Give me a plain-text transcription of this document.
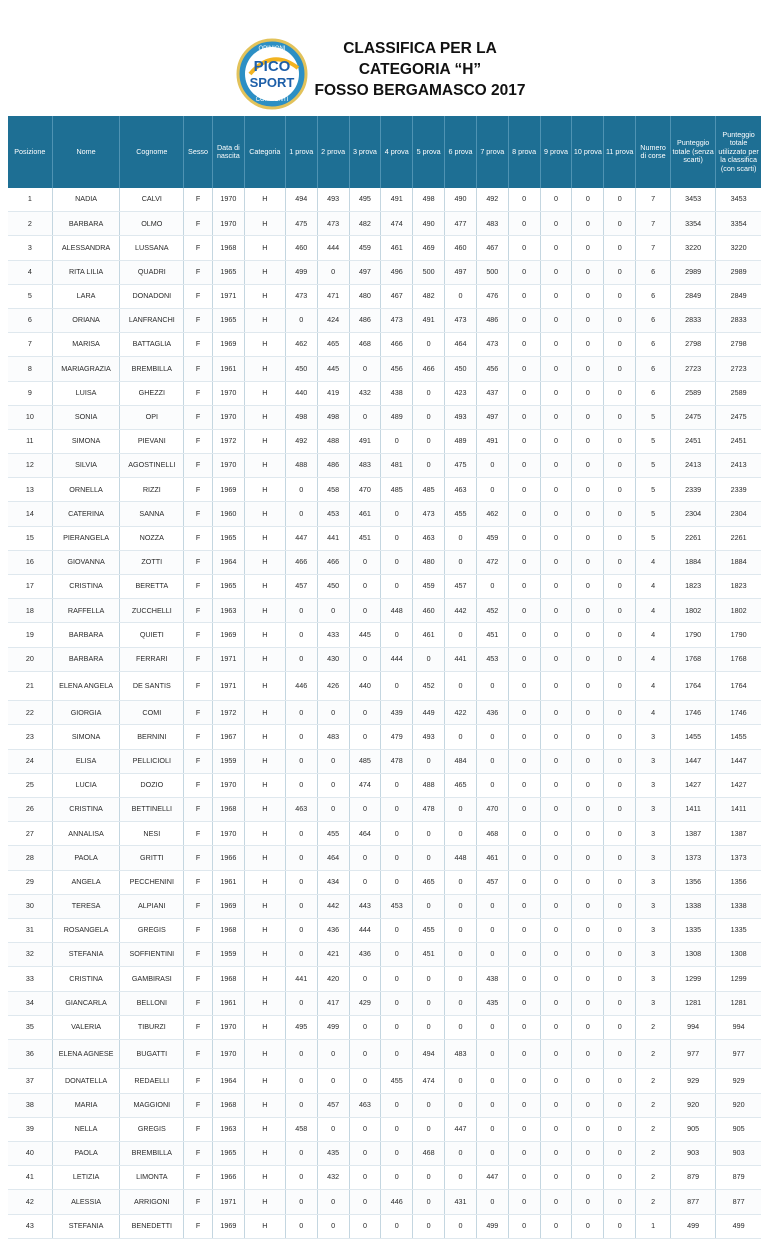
OPINIONI
PICO
SPORT
COMMENTI
CLASSIFICA PER LA
CATEGORIA “H”
FOSSO BERGAMASCO 2017
Posizione	Nome	Cognome	Sesso	Data di nascita	Categoria	1 prova	2 prova	3 prova	4 prova	5 prova	6 prova	7 prova	8 prova	9 prova	10 prova	11 prova	Numero di corse	Punteggio totale (senza scarti)	Punteggio totale utilizzato per la classifica (con scarti)
1	NADIA	CALVI	F	1970	H	494	493	495	491	498	490	492	0	0	0	0	7	3453	3453
2	BARBARA	OLMO	F	1970	H	475	473	482	474	490	477	483	0	0	0	0	7	3354	3354
3	ALESSANDRA	LUSSANA	F	1968	H	460	444	459	461	469	460	467	0	0	0	0	7	3220	3220
4	RITA LILIA	QUADRI	F	1965	H	499	0	497	496	500	497	500	0	0	0	0	6	2989	2989
5	LARA	DONADONI	F	1971	H	473	471	480	467	482	0	476	0	0	0	0	6	2849	2849
6	ORIANA	LANFRANCHI	F	1965	H	0	424	486	473	491	473	486	0	0	0	0	6	2833	2833
7	MARISA	BATTAGLIA	F	1969	H	462	465	468	466	0	464	473	0	0	0	0	6	2798	2798
8	MARIAGRAZIA	BREMBILLA	F	1961	H	450	445	0	456	466	450	456	0	0	0	0	6	2723	2723
9	LUISA	GHEZZI	F	1970	H	440	419	432	438	0	423	437	0	0	0	0	6	2589	2589
10	SONIA	OPI	F	1970	H	498	498	0	489	0	493	497	0	0	0	0	5	2475	2475
11	SIMONA	PIEVANI	F	1972	H	492	488	491	0	0	489	491	0	0	0	0	5	2451	2451
12	SILVIA	AGOSTINELLI	F	1970	H	488	486	483	481	0	475	0	0	0	0	0	5	2413	2413
13	ORNELLA	RIZZI	F	1969	H	0	458	470	485	485	463	0	0	0	0	0	5	2339	2339
14	CATERINA	SANNA	F	1960	H	0	453	461	0	473	455	462	0	0	0	0	5	2304	2304
15	PIERANGELA	NOZZA	F	1965	H	447	441	451	0	463	0	459	0	0	0	0	5	2261	2261
16	GIOVANNA	ZOTTI	F	1964	H	466	466	0	0	480	0	472	0	0	0	0	4	1884	1884
17	CRISTINA	BERETTA	F	1965	H	457	450	0	0	459	457	0	0	0	0	0	4	1823	1823
18	RAFFELLA	ZUCCHELLI	F	1963	H	0	0	0	448	460	442	452	0	0	0	0	4	1802	1802
19	BARBARA	QUIETI	F	1969	H	0	433	445	0	461	0	451	0	0	0	0	4	1790	1790
20	BARBARA	FERRARI	F	1971	H	0	430	0	444	0	441	453	0	0	0	0	4	1768	1768
21	ELENA ANGELA	DE SANTIS	F	1971	H	446	426	440	0	452	0	0	0	0	0	0	4	1764	1764
22	GIORGIA	COMI	F	1972	H	0	0	0	439	449	422	436	0	0	0	0	4	1746	1746
23	SIMONA	BERNINI	F	1967	H	0	483	0	479	493	0	0	0	0	0	0	3	1455	1455
24	ELISA	PELLICIOLI	F	1959	H	0	0	485	478	0	484	0	0	0	0	0	3	1447	1447
25	LUCIA	DOZIO	F	1970	H	0	0	474	0	488	465	0	0	0	0	0	3	1427	1427
26	CRISTINA	BETTINELLI	F	1968	H	463	0	0	0	478	0	470	0	0	0	0	3	1411	1411
27	ANNALISA	NESI	F	1970	H	0	455	464	0	0	0	468	0	0	0	0	3	1387	1387
28	PAOLA	GRITTI	F	1966	H	0	464	0	0	0	448	461	0	0	0	0	3	1373	1373
29	ANGELA	PECCHENINI	F	1961	H	0	434	0	0	465	0	457	0	0	0	0	3	1356	1356
30	TERESA	ALPIANI	F	1969	H	0	442	443	453	0	0	0	0	0	0	0	3	1338	1338
31	ROSANGELA	GREGIS	F	1968	H	0	436	444	0	455	0	0	0	0	0	0	3	1335	1335
32	STEFANIA	SOFFIENTINI	F	1959	H	0	421	436	0	451	0	0	0	0	0	0	3	1308	1308
33	CRISTINA	GAMBIRASI	F	1968	H	441	420	0	0	0	0	438	0	0	0	0	3	1299	1299
34	GIANCARLA	BELLONI	F	1961	H	0	417	429	0	0	0	435	0	0	0	0	3	1281	1281
35	VALERIA	TIBURZI	F	1970	H	495	499	0	0	0	0	0	0	0	0	0	2	994	994
36	ELENA AGNESE	BUGATTI	F	1970	H	0	0	0	0	494	483	0	0	0	0	0	2	977	977
37	DONATELLA	REDAELLI	F	1964	H	0	0	0	455	474	0	0	0	0	0	0	2	929	929
38	MARIA	MAGGIONI	F	1968	H	0	457	463	0	0	0	0	0	0	0	0	2	920	920
39	NELLA	GREGIS	F	1963	H	458	0	0	0	0	447	0	0	0	0	0	2	905	905
40	PAOLA	BREMBILLA	F	1965	H	0	435	0	0	468	0	0	0	0	0	0	2	903	903
41	LETIZIA	LIMONTA	F	1966	H	0	432	0	0	0	0	447	0	0	0	0	2	879	879
42	ALESSIA	ARRIGONI	F	1971	H	0	0	0	446	0	431	0	0	0	0	0	2	877	877
43	STEFANIA	BENEDETTI	F	1969	H	0	0	0	0	0	0	499	0	0	0	0	1	499	499
